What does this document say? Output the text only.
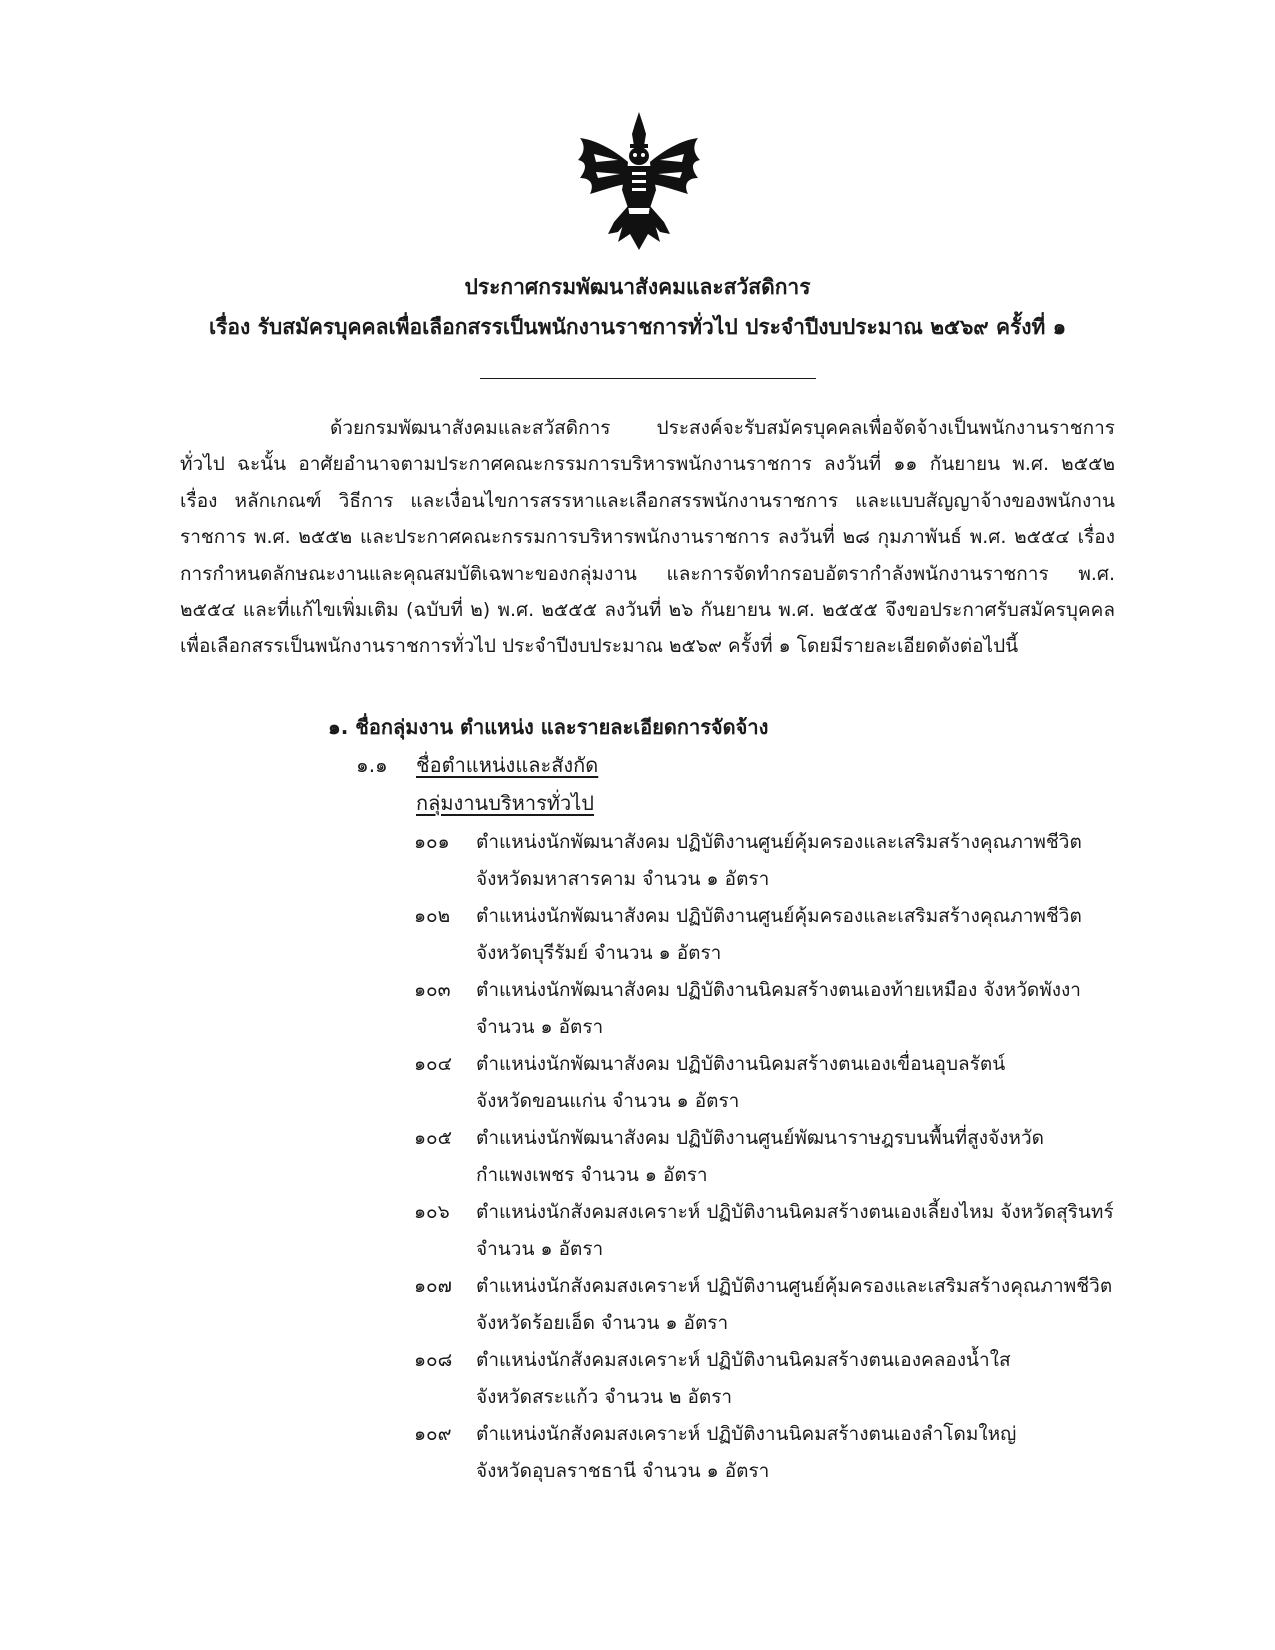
ประกาศกรมพัฒนาสังคมและสวัสดิการ
เรื่อง รับสมัครบุคคลเพื่อเลือกสรรเป็นพนักงานราชการทั่วไป ประจำปีงบประมาณ ๒๕๖๙ ครั้งที่ ๑

ด้วยกรมพัฒนาสังคมและสวัสดิการ ประสงค์จะรับสมัครบุคคลเพื่อจัดจ้างเป็นพนักงานราชการทั่วไป ฉะนั้น อาศัยอำนาจตามประกาศคณะกรรมการบริหารพนักงานราชการ ลงวันที่ ๑๑ กันยายน พ.ศ. ๒๕๕๒ เรื่อง หลักเกณฑ์ วิธีการ และเงื่อนไขการสรรหาและเลือกสรรพนักงานราชการ และแบบสัญญาจ้างของพนักงานราชการ พ.ศ. ๒๕๕๒ และประกาศคณะกรรมการบริหารพนักงานราชการ ลงวันที่ ๒๘ กุมภาพันธ์ พ.ศ. ๒๕๕๔ เรื่อง การกำหนดลักษณะงานและคุณสมบัติเฉพาะของกลุ่มงาน และการจัดทำกรอบอัตรากำลังพนักงานราชการ พ.ศ. ๒๕๕๔ และที่แก้ไขเพิ่มเติม (ฉบับที่ ๒) พ.ศ. ๒๕๕๕ ลงวันที่ ๒๖ กันยายน พ.ศ. ๒๕๕๕ จึงขอประกาศรับสมัครบุคคลเพื่อเลือกสรรเป็นพนักงานราชการทั่วไป ประจำปีงบประมาณ ๒๕๖๙ ครั้งที่ ๑ โดยมีรายละเอียดดังต่อไปนี้

๑. ชื่อกลุ่มงาน ตำแหน่ง และรายละเอียดการจัดจ้าง
๑.๑ ชื่อตำแหน่งและสังกัด
กลุ่มงานบริหารทั่วไป
๑๐๑	ตำแหน่งนักพัฒนาสังคม ปฏิบัติงานศูนย์คุ้มครองและเสริมสร้างคุณภาพชีวิต
จังหวัดมหาสารคาม จำนวน ๑ อัตรา
๑๐๒	ตำแหน่งนักพัฒนาสังคม ปฏิบัติงานศูนย์คุ้มครองและเสริมสร้างคุณภาพชีวิต
จังหวัดบุรีรัมย์ จำนวน ๑ อัตรา
๑๐๓	ตำแหน่งนักพัฒนาสังคม ปฏิบัติงานนิคมสร้างตนเองท้ายเหมือง จังหวัดพังงา
จำนวน ๑ อัตรา
๑๐๔	ตำแหน่งนักพัฒนาสังคม ปฏิบัติงานนิคมสร้างตนเองเขื่อนอุบลรัตน์
จังหวัดขอนแก่น จำนวน ๑ อัตรา
๑๐๕	ตำแหน่งนักพัฒนาสังคม ปฏิบัติงานศูนย์พัฒนาราษฎรบนพื้นที่สูงจังหวัด
กำแพงเพชร จำนวน ๑ อัตรา
๑๐๖	ตำแหน่งนักสังคมสงเคราะห์ ปฏิบัติงานนิคมสร้างตนเองเลี้ยงไหม จังหวัดสุรินทร์
จำนวน ๑ อัตรา
๑๐๗	ตำแหน่งนักสังคมสงเคราะห์ ปฏิบัติงานศูนย์คุ้มครองและเสริมสร้างคุณภาพชีวิต
จังหวัดร้อยเอ็ด จำนวน ๑ อัตรา
๑๐๘	ตำแหน่งนักสังคมสงเคราะห์ ปฏิบัติงานนิคมสร้างตนเองคลองน้ำใส
จังหวัดสระแก้ว จำนวน ๒ อัตรา
๑๐๙	ตำแหน่งนักสังคมสงเคราะห์ ปฏิบัติงานนิคมสร้างตนเองลำโดมใหญ่
จังหวัดอุบลราชธานี จำนวน ๑ อัตรา
